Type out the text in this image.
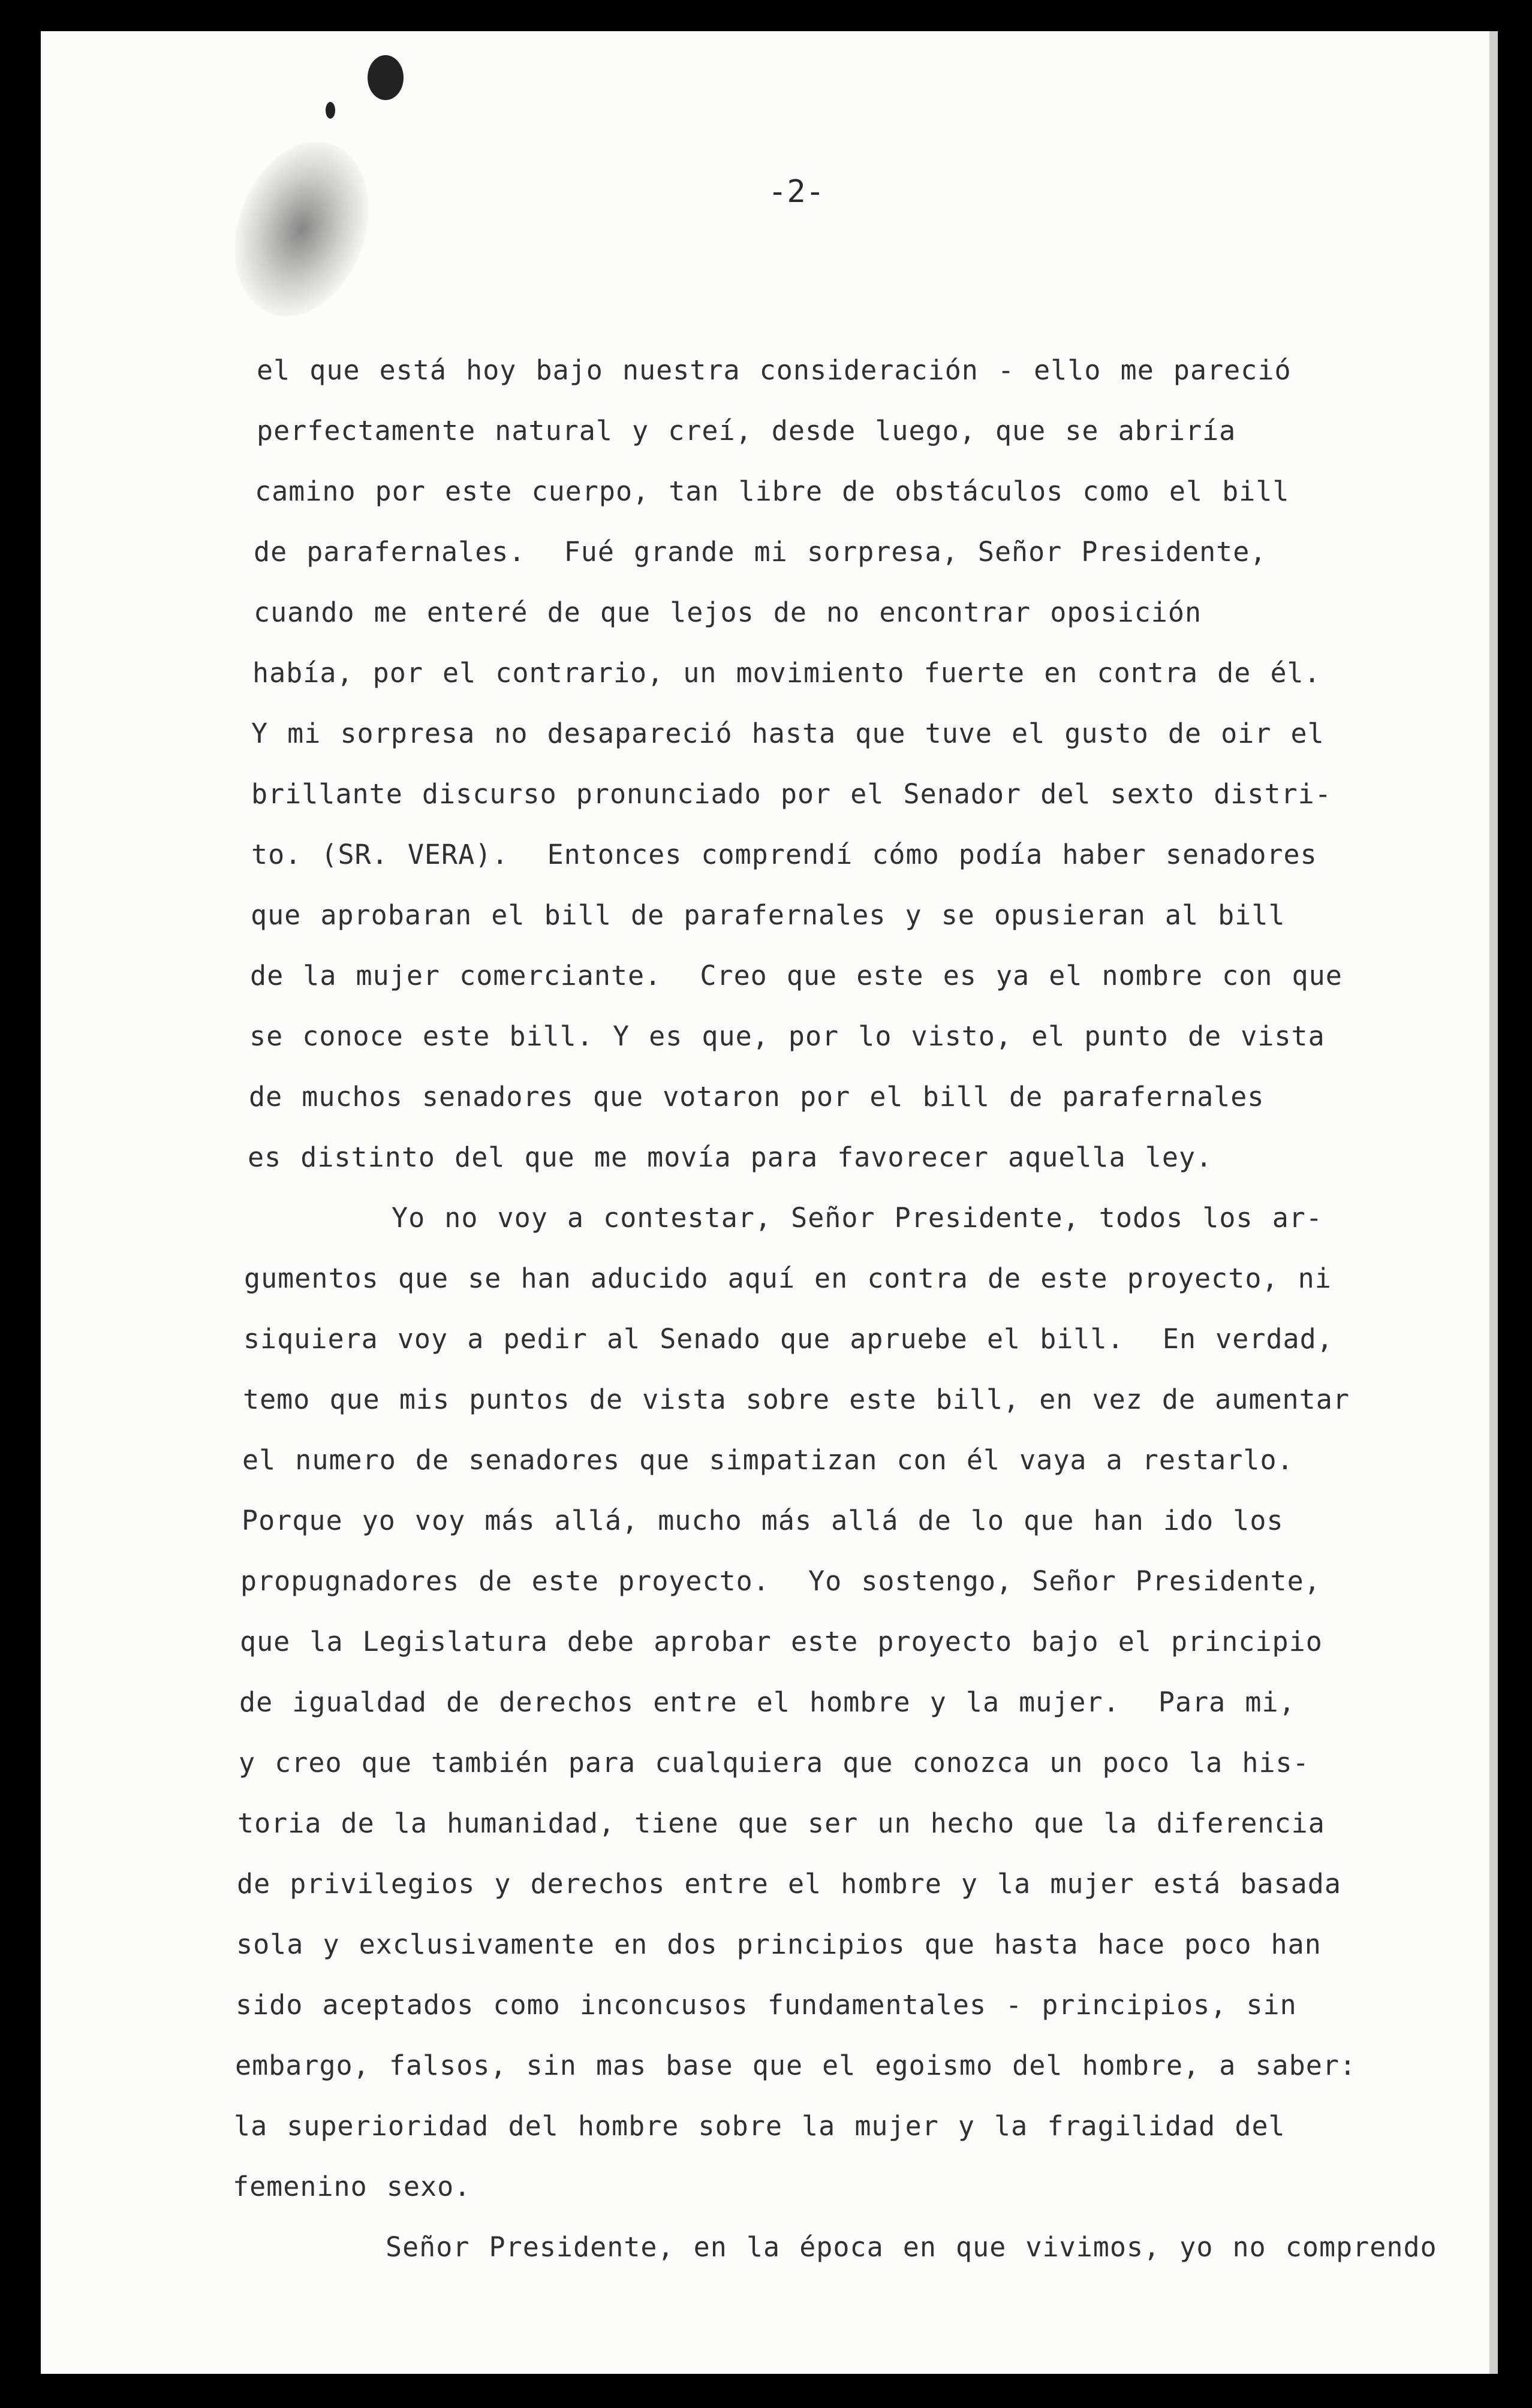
-2-
el que está hoy bajo nuestra consideración - ello me pareció
perfectamente natural y creí, desde luego, que se abriría
camino por este cuerpo, tan libre de obstáculos como el bill
de parafernales.  Fué grande mi sorpresa, Señor Presidente,
cuando me enteré de que lejos de no encontrar oposición
había, por el contrario, un movimiento fuerte en contra de él.
Y mi sorpresa no desapareció hasta que tuve el gusto de oir el
brillante discurso pronunciado por el Senador del sexto distri-
to. (SR. VERA).  Entonces comprendí cómo podía haber senadores
que aprobaran el bill de parafernales y se opusieran al bill
de la mujer comerciante.  Creo que este es ya el nombre con que
se conoce este bill. Y es que, por lo visto, el punto de vista
de muchos senadores que votaron por el bill de parafernales
es distinto del que me movía para favorecer aquella ley.
Yo no voy a contestar, Señor Presidente, todos los ar-
gumentos que se han aducido aquí en contra de este proyecto, ni
siquiera voy a pedir al Senado que apruebe el bill.  En verdad,
temo que mis puntos de vista sobre este bill, en vez de aumentar
el numero de senadores que simpatizan con él vaya a restarlo.
Porque yo voy más allá, mucho más allá de lo que han ido los
propugnadores de este proyecto.  Yo sostengo, Señor Presidente,
que la Legislatura debe aprobar este proyecto bajo el principio
de igualdad de derechos entre el hombre y la mujer.  Para mi,
y creo que también para cualquiera que conozca un poco la his-
toria de la humanidad, tiene que ser un hecho que la diferencia
de privilegios y derechos entre el hombre y la mujer está basada
sola y exclusivamente en dos principios que hasta hace poco han
sido aceptados como inconcusos fundamentales - principios, sin
embargo, falsos, sin mas base que el egoismo del hombre, a saber:
la superioridad del hombre sobre la mujer y la fragilidad del
femenino sexo.
Señor Presidente, en la época en que vivimos, yo no comprendo
